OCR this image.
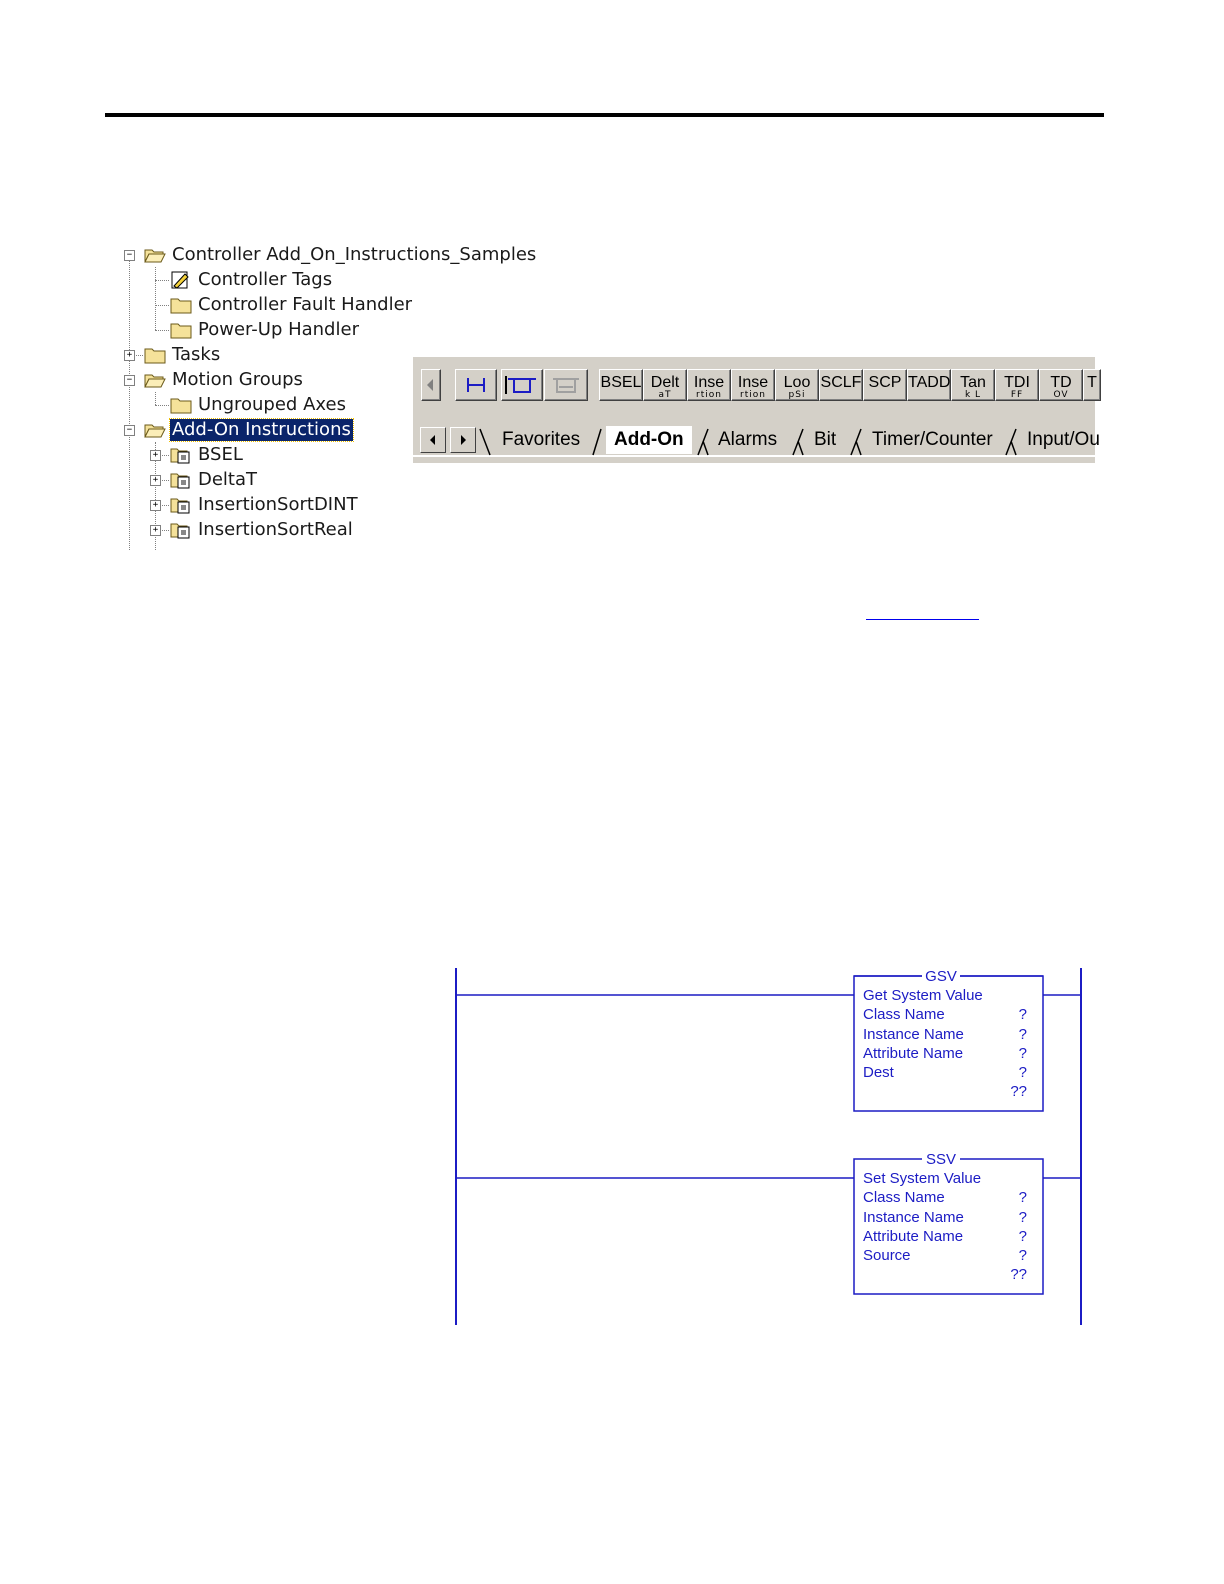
−
+
−
−
+
+
+
+
Controller Add_On_Instructions_Samples
Controller Tags
Controller Fault Handler
Power-Up Handler
Tasks
Motion Groups
Ungrouped Axes
Add-On Instructions
BSEL
DeltaT
InsertionSortDINT
InsertionSortReal
BSEL Delt
aT
Inse
rtion
Inse
rtion
Loo
pSi
SCLF SCP TADD Tan
k L
TDI
FF
TD
OV
T
Favorites	Add-On	Alarms Bit Timer/Counter Input/Ou
GSV
Get System Value
Class Name	?
Instance Name	?
Attribute Name	?
Dest	?
??
SSV
Set System Value
Class Name	?
Instance Name	?
Attribute Name	?
Source	?
??
